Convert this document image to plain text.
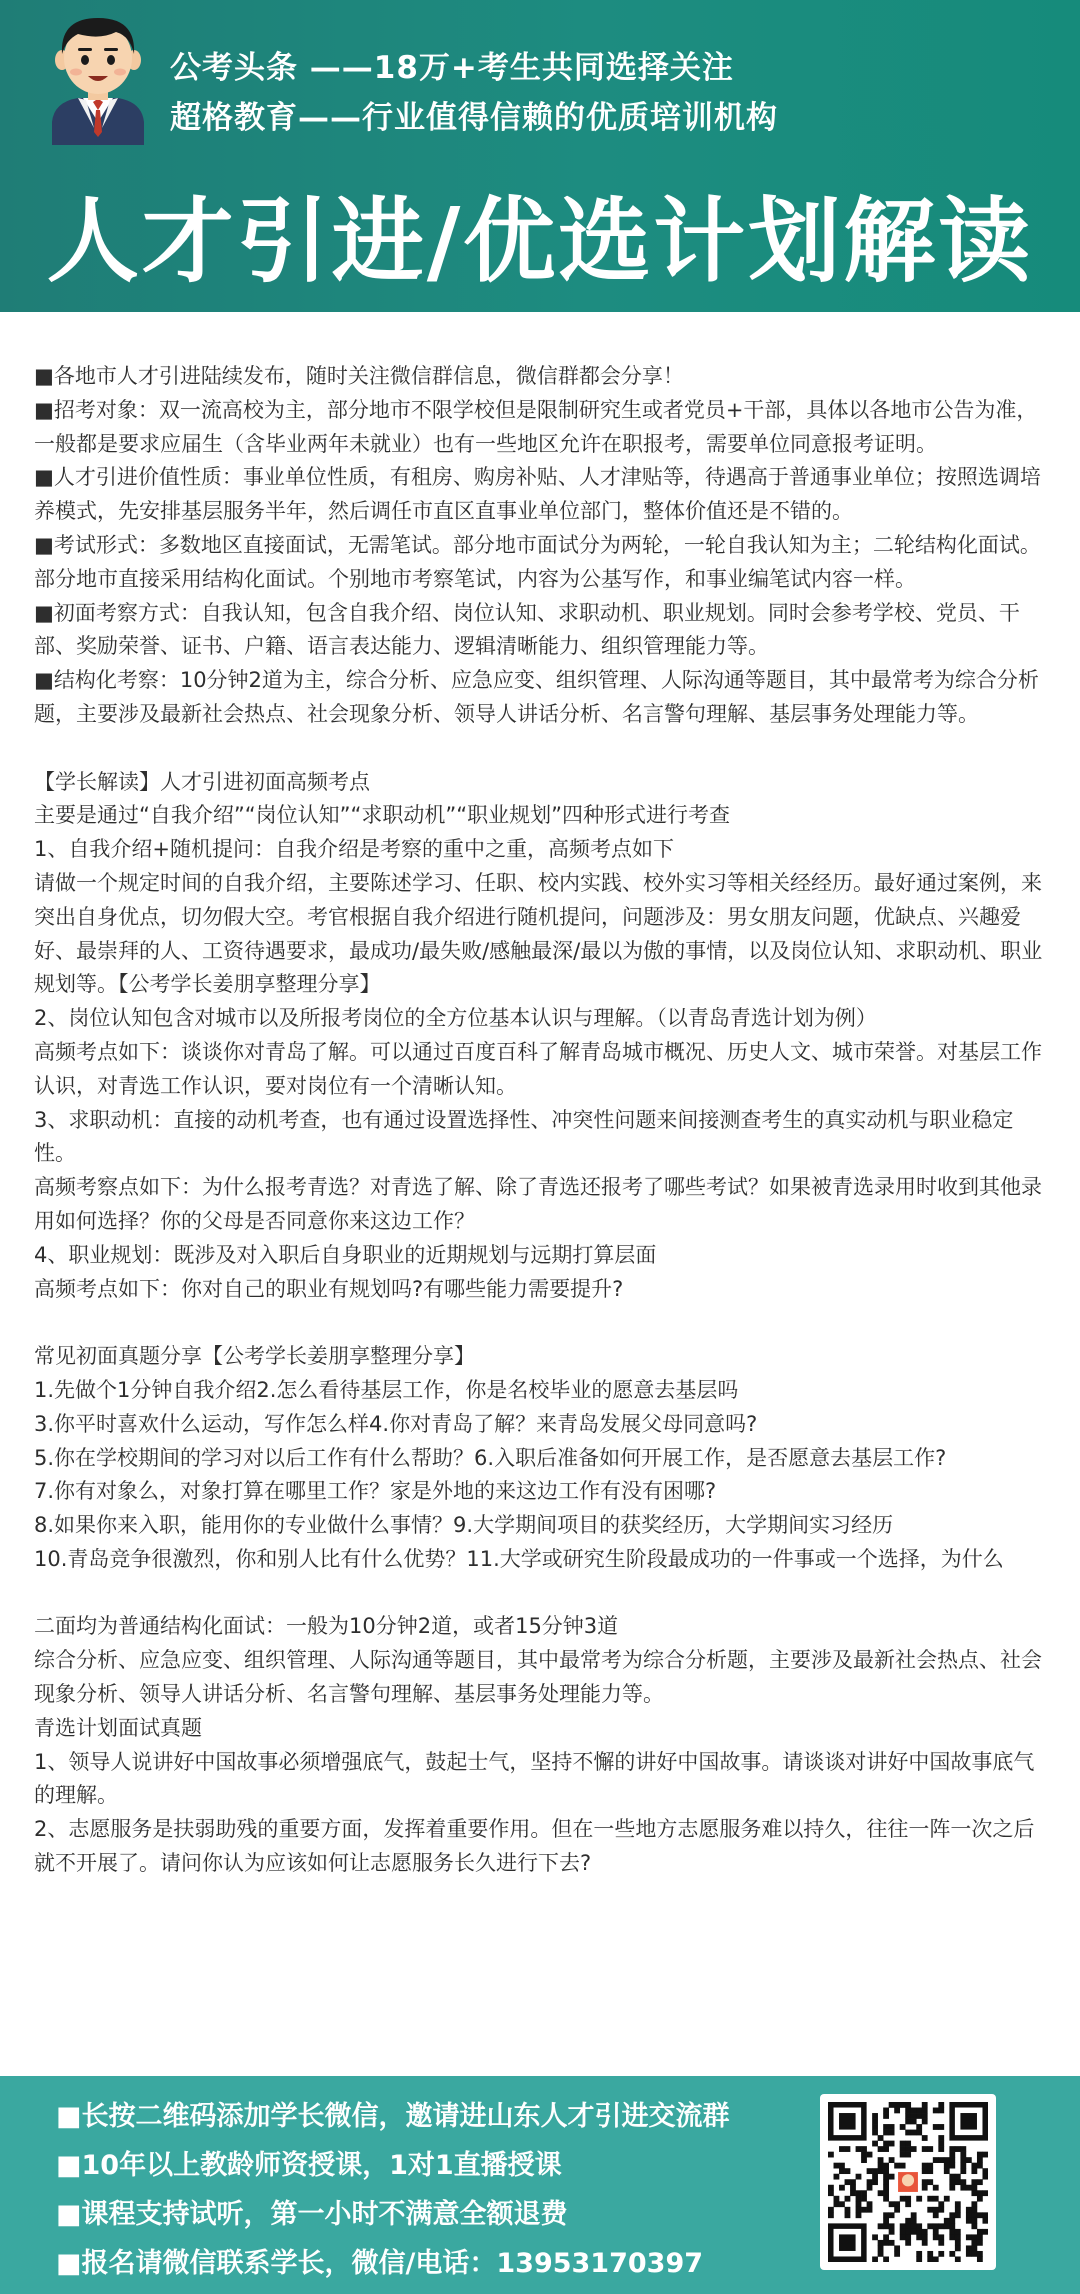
公考头条 ——18万+考生共同选择关注
超格教育——行业值得信赖的优质培训机构
人才引进/优选计划解读
■各地市人才引进陆续发布，随时关注微信群信息，微信群都会分享！
■招考对象：双一流高校为主，部分地市不限学校但是限制研究生或者党员+干部，具体以各地市公告为准，一般都是要求应届生（含毕业两年未就业）也有一些地区允许在职报考，需要单位同意报考证明。
■人才引进价值性质：事业单位性质，有租房、购房补贴、人才津贴等，待遇高于普通事业单位；按照选调培养模式，先安排基层服务半年，然后调任市直区直事业单位部门，整体价值还是不错的。
■考试形式：多数地区直接面试，无需笔试。部分地市面试分为两轮，一轮自我认知为主；二轮结构化面试。部分地市直接采用结构化面试。个别地市考察笔试，内容为公基写作，和事业编笔试内容一样。
■初面考察方式：自我认知，包含自我介绍、岗位认知、求职动机、职业规划。同时会参考学校、党员、干部、奖励荣誉、证书、户籍、语言表达能力、逻辑清晰能力、组织管理能力等。
■结构化考察：10分钟2道为主，综合分析、应急应变、组织管理、人际沟通等题目，其中最常考为综合分析题，主要涉及最新社会热点、社会现象分析、领导人讲话分析、名言警句理解、基层事务处理能力等。
【学长解读】人才引进初面高频考点
主要是通过“自我介绍”“岗位认知”“求职动机”“职业规划”四种形式进行考查
1、自我介绍+随机提问：自我介绍是考察的重中之重，高频考点如下
请做一个规定时间的自我介绍，主要陈述学习、任职、校内实践、校外实习等相关经经历。最好通过案例，来突出自身优点，切勿假大空。考官根据自我介绍进行随机提问，问题涉及：男女朋友问题，优缺点、兴趣爱好、最崇拜的人、工资待遇要求，最成功/最失败/感触最深/最以为傲的事情，以及岗位认知、求职动机、职业规划等。【公考学长姜朋享整理分享】
2、岗位认知包含对城市以及所报考岗位的全方位基本认识与理解。（以青岛青选计划为例）
高频考点如下：谈谈你对青岛了解。可以通过百度百科了解青岛城市概况、历史人文、城市荣誉。对基层工作认识，对青选工作认识，要对岗位有一个清晰认知。
3、求职动机：直接的动机考查，也有通过设置选择性、冲突性问题来间接测查考生的真实动机与职业稳定性。
高频考察点如下：为什么报考青选？对青选了解、除了青选还报考了哪些考试？如果被青选录用时收到其他录用如何选择？你的父母是否同意你来这边工作？
4、职业规划：既涉及对入职后自身职业的近期规划与远期打算层面
高频考点如下：你对自己的职业有规划吗?有哪些能力需要提升?
常见初面真题分享【公考学长姜朋享整理分享】
1.先做个1分钟自我介绍2.怎么看待基层工作，你是名校毕业的愿意去基层吗
3.你平时喜欢什么运动，写作怎么样4.你对青岛了解？来青岛发展父母同意吗?
5.你在学校期间的学习对以后工作有什么帮助？6.入职后准备如何开展工作，是否愿意去基层工作?
7.你有对象么，对象打算在哪里工作？家是外地的来这边工作有没有困哪?
8.如果你来入职，能用你的专业做什么事情？9.大学期间项目的获奖经历，大学期间实习经历
10.青岛竞争很激烈，你和别人比有什么优势？11.大学或研究生阶段最成功的一件事或一个选择，为什么
二面均为普通结构化面试：一般为10分钟2道，或者15分钟3道
综合分析、应急应变、组织管理、人际沟通等题目，其中最常考为综合分析题，主要涉及最新社会热点、社会现象分析、领导人讲话分析、名言警句理解、基层事务处理能力等。
青选计划面试真题
1、领导人说讲好中国故事必须增强底气，鼓起士气，坚持不懈的讲好中国故事。请谈谈对讲好中国故事底气的理解。
2、志愿服务是扶弱助残的重要方面，发挥着重要作用。但在一些地方志愿服务难以持久，往往一阵一次之后就不开展了。请问你认为应该如何让志愿服务长久进行下去?
■长按二维码添加学长微信，邀请进山东人才引进交流群
■10年以上教龄师资授课，1对1直播授课
■课程支持试听，第一小时不满意全额退费
■报名请微信联系学长，微信/电话：13953170397
